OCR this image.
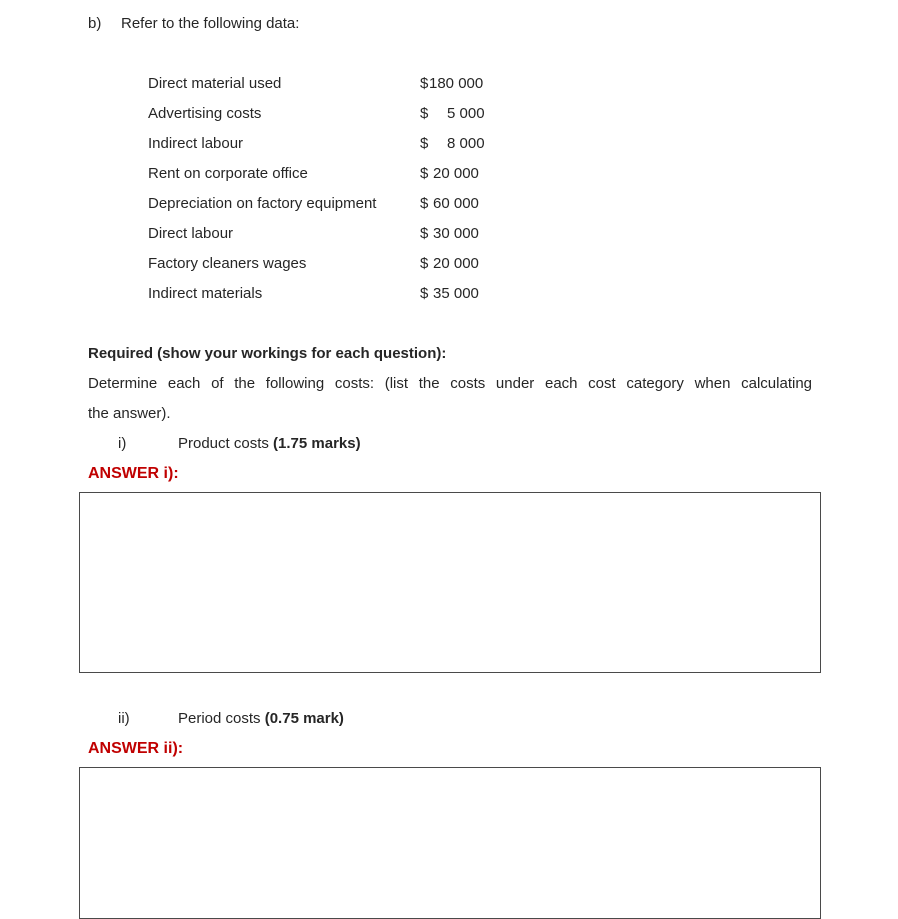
b) Refer to the following data:
Direct material used	$ 180 000
Advertising costs	$ 5 000
Indirect labour	$ 8 000
Rent on corporate office	$ 20 000
Depreciation on factory equipment	$ 60 000
Direct labour	$ 30 000
Factory cleaners wages	$ 20 000
Indirect materials	$ 35 000
Required (show your workings for each question):
Determine each of the following costs: (list the costs under each cost category when calculating
the answer).
i)	Product costs (1.75 marks)
ANSWER i):
ii)	Period costs (0.75 mark)
ANSWER ii):
